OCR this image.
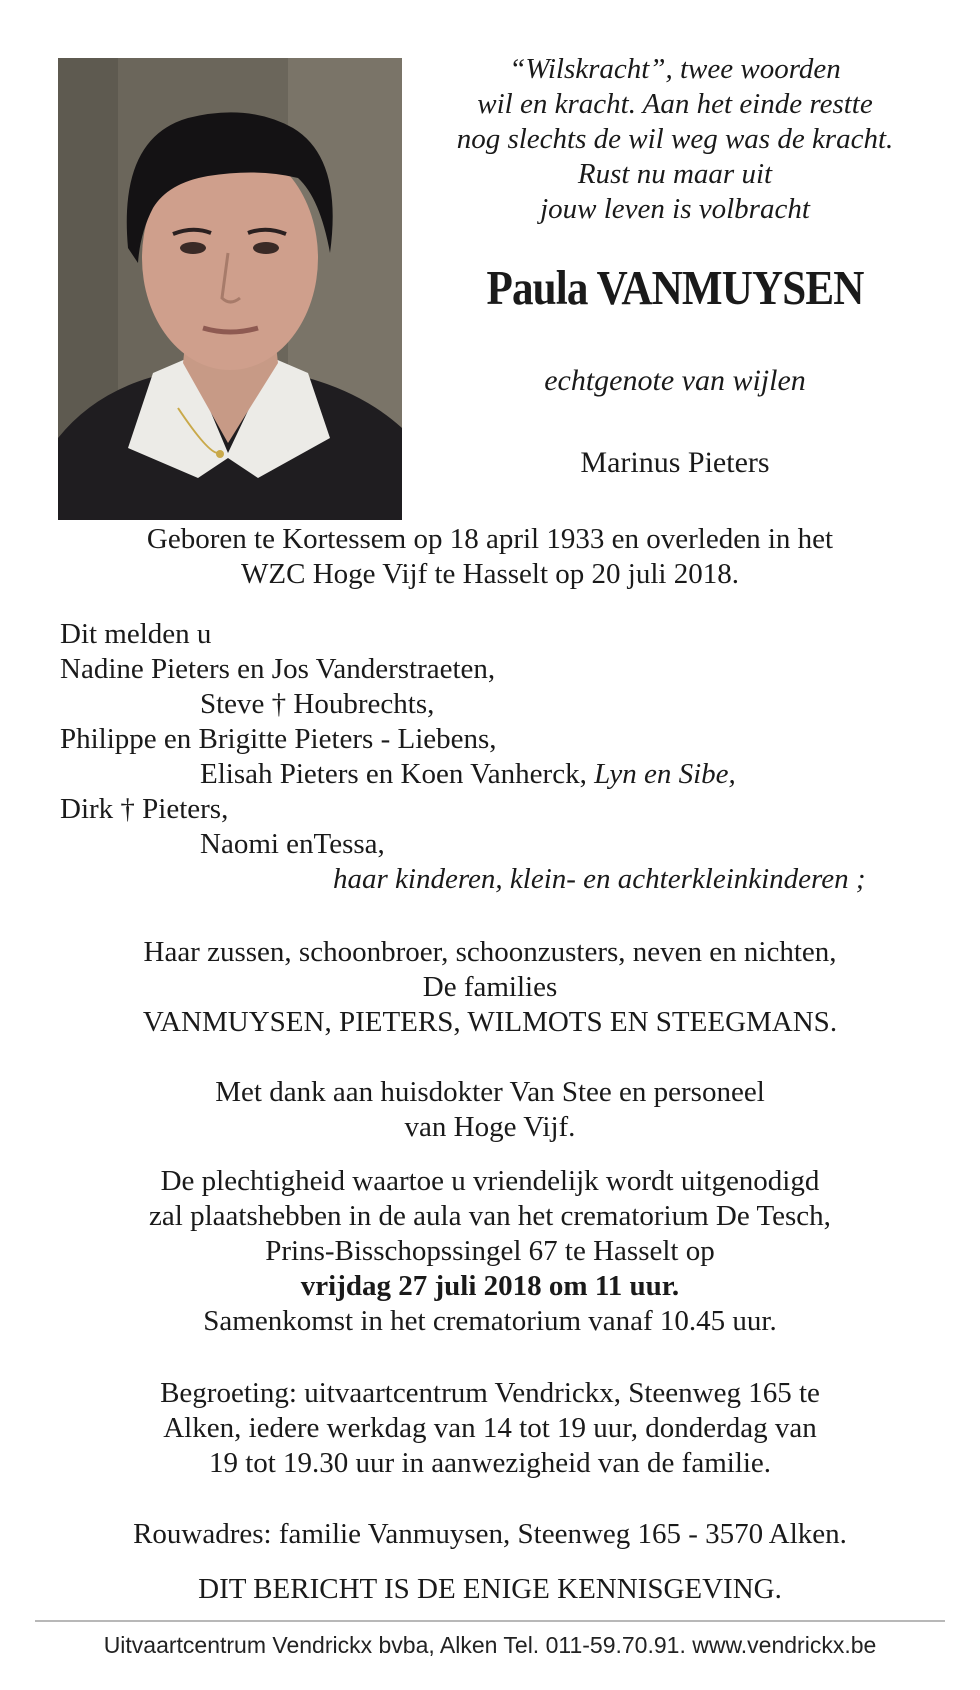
“Wilskracht”, twee woorden
wil en kracht. Aan het einde restte
nog slechts de wil weg was de kracht.
Rust nu maar uit
jouw leven is volbracht
Paula VANMUYSEN
echtgenote van wijlen
Marinus Pieters
Geboren te Kortessem op 18 april 1933 en overleden in het
WZC Hoge Vijf te Hasselt op 20 juli 2018.
Dit melden u
Nadine Pieters en Jos Vanderstraeten,
Steve † Houbrechts,
Philippe en Brigitte Pieters - Liebens,
Elisah Pieters en Koen Vanherck, Lyn en Sibe,
Dirk † Pieters,
Naomi enTessa,
haar kinderen, klein- en achterkleinkinderen ;
Haar zussen, schoonbroer, schoonzusters, neven en nichten,
De families
VANMUYSEN, PIETERS, WILMOTS EN STEEGMANS.
Met dank aan huisdokter Van Stee en personeel
van Hoge Vijf.
De plechtigheid waartoe u vriendelijk wordt uitgenodigd
zal plaatshebben in de aula van het crematorium De Tesch,
Prins-Bisschopssingel 67 te Hasselt op
vrijdag 27 juli 2018 om 11 uur.
Samenkomst in het crematorium vanaf 10.45 uur.
Begroeting: uitvaartcentrum Vendrickx, Steenweg 165 te
Alken, iedere werkdag van 14 tot 19 uur, donderdag van
19 tot 19.30 uur in aanwezigheid van de familie.
Rouwadres: familie Vanmuysen, Steenweg 165 - 3570 Alken.
DIT BERICHT IS DE ENIGE KENNISGEVING.
Uitvaartcentrum Vendrickx bvba, Alken Tel. 011-59.70.91. www.vendrickx.be
